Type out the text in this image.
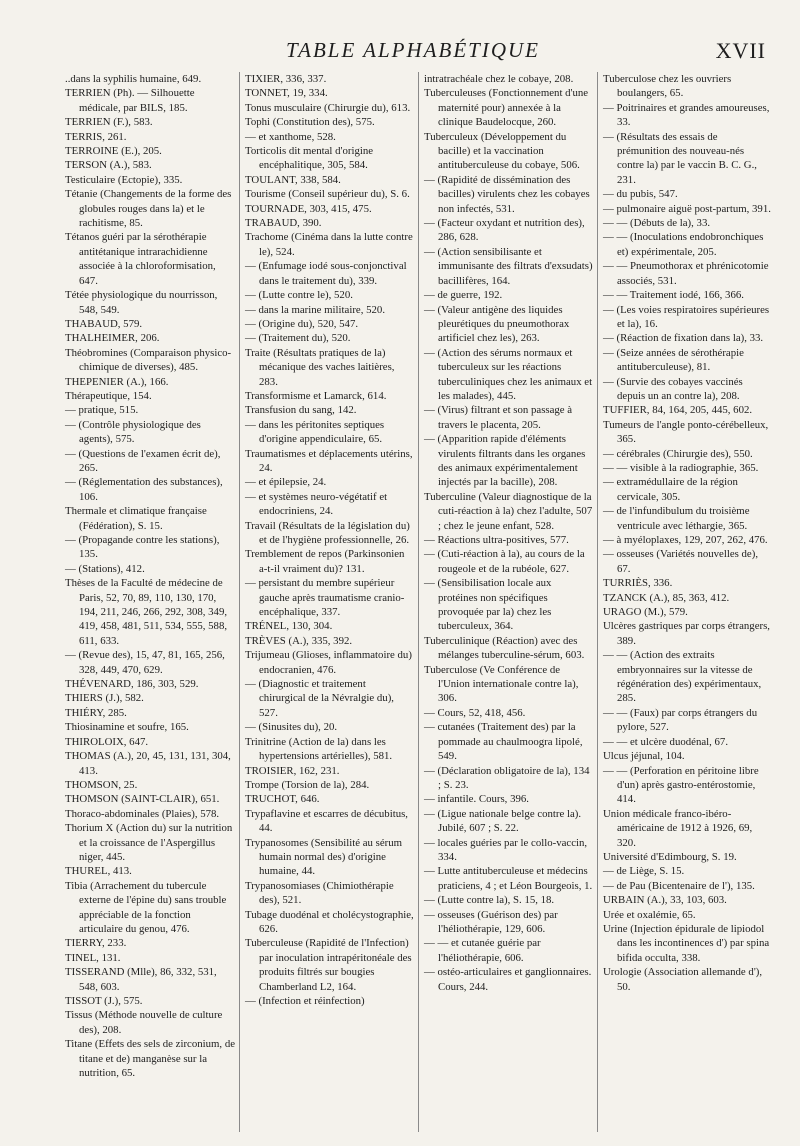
TABLE ALPHABÉTIQUE	XVII

..dans la syphilis humaine, 649.

TERRIEN (Ph). — Silhouette médicale, par BILS, 185.

TERRIEN (F.), 583.

TERRIS, 261.

TERROINE (E.), 205.

TERSON (A.), 583.

Testiculaire (Ectopie), 335.

Tétanie (Changements de la forme des globules rouges dans la) et le rachitisme, 85.

Tétanos guéri par la sérothérapie antitétanique intrarachidienne associée à la chloroformisation, 647.

Tétée physiologique du nourrisson, 548, 549.

THABAUD, 579.

THALHEIMER, 206.

Théobromines (Comparaison physico-chimique de diverses), 485.

THEPENIER (A.), 166.

Thérapeutique, 154.

— pratique, 515.

— (Contrôle physiologique des agents), 575.

— (Questions de l'examen écrit de), 265.

— (Réglementation des substances), 106.

Thermale et climatique française (Fédération), S. 15.

— (Propagande contre les stations), 135.

— (Stations), 412.

Thèses de la Faculté de médecine de Paris, 52, 70, 89, 110, 130, 170, 194, 211, 246, 266, 292, 308, 349, 419, 458, 481, 511, 534, 555, 588, 611, 633.

— (Revue des), 15, 47, 81, 165, 256, 328, 449, 470, 629.

THÉVENARD, 186, 303, 529.

THIERS (J.), 582.

THIÉRY, 285.

Thiosinamine et soufre, 165.

THIROLOIX, 647.

THOMAS (A.), 20, 45, 131, 131, 304, 413.

THOMSON, 25.

THOMSON (SAINT-CLAIR), 651.

Thoraco-abdominales (Plaies), 578.

Thorium X (Action du) sur la nutrition et la croissance de l'Aspergillus niger, 445.

THUREL, 413.

Tibia (Arrachement du tubercule externe de l'épine du) sans trouble appréciable de la fonction articulaire du genou, 476.

TIERRY, 233.

TINEL, 131.

TISSERAND (Mlle), 86, 332, 531, 548, 603.

TISSOT (J.), 575.

Tissus (Méthode nouvelle de culture des), 208.

Titane (Effets des sels de zirconium, de titane et de) manganèse sur la nutrition, 65.

TIXIER, 336, 337.

TONNET, 19, 334.

Tonus musculaire (Chirurgie du), 613.

Tophi (Constitution des), 575.

— et xanthome, 528.

Torticolis dit mental d'origine encéphalitique, 305, 584.

TOULANT, 338, 584.

Tourisme (Conseil supérieur du), S. 6.

TOURNADE, 303, 415, 475.

TRABAUD, 390.

Trachome (Cinéma dans la lutte contre le), 524.

— (Enfumage iodé sous-conjonctival dans le traitement du), 339.

— (Lutte contre le), 520.

— dans la marine militaire, 520.

— (Origine du), 520, 547.

— (Traitement du), 520.

Traite (Résultats pratiques de la) mécanique des vaches laitières, 283.

Transformisme et Lamarck, 614.

Transfusion du sang, 142.

— dans les péritonites septiques d'origine appendiculaire, 65.

Traumatismes et déplacements utérins, 24.

— et épilepsie, 24.

— et systèmes neuro-végétatif et endocriniens, 24.

Travail (Résultats de la législation du) et de l'hygiène professionnelle, 26.

Tremblement de repos (Parkinsonien a-t-il vraiment du)? 131.

— persistant du membre supérieur gauche après traumatisme cranio-encéphalique, 337.

TRÉNEL, 130, 304.

TRÈVES (A.), 335, 392.

Trijumeau (Glioses, inflammatoire du) endocranien, 476.

— (Diagnostic et traitement chirurgical de la Névralgie du), 527.

— (Sinusites du), 20.

Trinitrine (Action de la) dans les hypertensions artérielles), 581.

TROISIER, 162, 231.

Trompe (Torsion de la), 284.

TRUCHOT, 646.

Trypaflavine et escarres de décubitus, 44.

Trypanosomes (Sensibilité au sérum humain normal des) d'origine humaine, 44.

Trypanosomiases (Chimiothérapie des), 521.

Tubage duodénal et cholécystographie, 626.

Tuberculeuse (Rapidité de l'Infection) par inoculation intrapéritonéale des produits filtrés sur bougies Chamberland L2, 164.

— (Infection et réinfection)

intratrachéale chez le cobaye, 208.

Tuberculeuses (Fonctionnement d'une maternité pour) annexée à la clinique Baudelocque, 260.

Tuberculeux (Développement du bacille) et la vaccination antituberculeuse du cobaye, 506.

— (Rapidité de dissémination des bacilles) virulents chez les cobayes non infectés, 531.

— (Facteur oxydant et nutrition des), 286, 628.

— (Action sensibilisante et immunisante des filtrats d'exsudats) bacillifères, 164.

— de guerre, 192.

— (Valeur antigène des liquides pleurétiques du pneumothorax artificiel chez les), 263.

— (Action des sérums normaux et tuberculeux sur les réactions tuberculiniques chez les animaux et les malades), 445.

— (Virus) filtrant et son passage à travers le placenta, 205.

— (Apparition rapide d'éléments virulents filtrants dans les organes des animaux expérimentalement injectés par la bacille), 208.

Tuberculine (Valeur diagnostique de la cuti-réaction à la) chez l'adulte, 507 ; chez le jeune enfant, 528.

— Réactions ultra-positives, 577.

— (Cuti-réaction à la), au cours de la rougeole et de la rubéole, 627.

— (Sensibilisation locale aux protéines non spécifiques provoquée par la) chez les tuberculeux, 364.

Tuberculinique (Réaction) avec des mélanges tuberculine-sérum, 603.

Tuberculose (Ve Conférence de l'Union internationale contre la), 306.

— Cours, 52, 418, 456.

— cutanées (Traitement des) par la pommade au chaulmoogra lipolé, 549.

— (Déclaration obligatoire de la), 134 ; S. 23.

— infantile. Cours, 396.

— (Ligue nationale belge contre la). Jubilé, 607 ; S. 22.

— locales guéries par le collo-vaccin, 334.

— Lutte antituberculeuse et médecins praticiens, 4 ; et Léon Bourgeois, 1.

— (Lutte contre la), S. 15, 18.

— osseuses (Guérison des) par l'héliothérapie, 129, 606.

— — et cutanée guérie par l'héliothérapie, 606.

— ostéo-articulaires et ganglionnaires. Cours, 244.

Tuberculose chez les ouvriers boulangers, 65.

— Poitrinaires et grandes amoureuses, 33.

— (Résultats des essais de prémunition des nouveau-nés contre la) par le vaccin B. C. G., 231.

— du pubis, 547.

— pulmonaire aiguë post-partum, 391.

— — (Débuts de la), 33.

— — (Inoculations endobronchiques et) expérimentale, 205.

— — Pneumothorax et phrénicotomie associés, 531.

— — Traitement iodé, 166, 366.

— (Les voies respiratoires supérieures et la), 16.

— (Réaction de fixation dans la), 33.

— (Seize années de sérothérapie antituberculeuse), 81.

— (Survie des cobayes vaccinés depuis un an contre la), 208.

TUFFIER, 84, 164, 205, 445, 602.

Tumeurs de l'angle ponto-cérébelleux, 365.

— cérébrales (Chirurgie des), 550.

— — visible à la radiographie, 365.

— extramédullaire de la région cervicale, 305.

— de l'infundibulum du troisième ventricule avec léthargie, 365.

— à myéloplaxes, 129, 207, 262, 476.

— osseuses (Variétés nouvelles de), 67.

TURRIÈS, 336.

TZANCK (A.), 85, 363, 412.

URAGO (M.), 579.

Ulcères gastriques par corps étrangers, 389.

— — (Action des extraits embryonnaires sur la vitesse de régénération des) expérimentaux, 285.

— — (Faux) par corps étrangers du pylore, 527.

— — et ulcère duodénal, 67.

Ulcus jéjunal, 104.

— — (Perforation en péritoine libre d'un) après gastro-entérostomie, 414.

Union médicale franco-ibéro-américaine de 1912 à 1926, 69, 320.

Université d'Edimbourg, S. 19.

— de Liège, S. 15.

— de Pau (Bicentenaire de l'), 135.

URBAIN (A.), 33, 103, 603.

Urée et oxalémie, 65.

Urine (Injection épidurale de lipiodol dans les incontinences d') par spina bifida occulta, 338.

Urologie (Association allemande d'), 50.
